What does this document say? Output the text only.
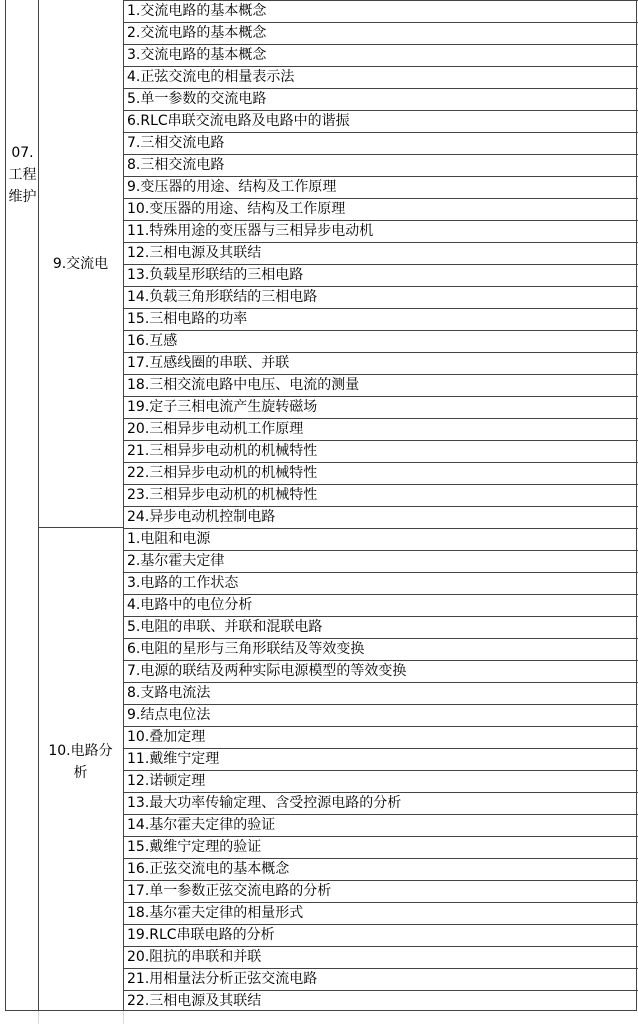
07.工程维护
9.交流电
10.电路分析
1.交流电路的基本概念
2.交流电路的基本概念
3.交流电路的基本概念
4.正弦交流电的相量表示法
5.单一参数的交流电路
6.RLC串联交流电路及电路中的谐振
7.三相交流电路
8.三相交流电路
9.变压器的用途、结构及工作原理
10.变压器的用途、结构及工作原理
11.特殊用途的变压器与三相异步电动机
12.三相电源及其联结
13.负载星形联结的三相电路
14.负载三角形联结的三相电路
15.三相电路的功率
16.互感
17.互感线圈的串联、并联
18.三相交流电路中电压、电流的测量
19.定子三相电流产生旋转磁场
20.三相异步电动机工作原理
21.三相异步电动机的机械特性
22.三相异步电动机的机械特性
23.三相异步电动机的机械特性
24.异步电动机控制电路
1.电阻和电源
2.基尔霍夫定律
3.电路的工作状态
4.电路中的电位分析
5.电阻的串联、并联和混联电路
6.电阻的星形与三角形联结及等效变换
7.电源的联结及两种实际电源模型的等效变换
8.支路电流法
9.结点电位法
10.叠加定理
11.戴维宁定理
12.诺顿定理
13.最大功率传输定理、含受控源电路的分析
14.基尔霍夫定律的验证
15.戴维宁定理的验证
16.正弦交流电的基本概念
17.单一参数正弦交流电路的分析
18.基尔霍夫定律的相量形式
19.RLC串联电路的分析
20.阻抗的串联和并联
21.用相量法分析正弦交流电路
22.三相电源及其联结
